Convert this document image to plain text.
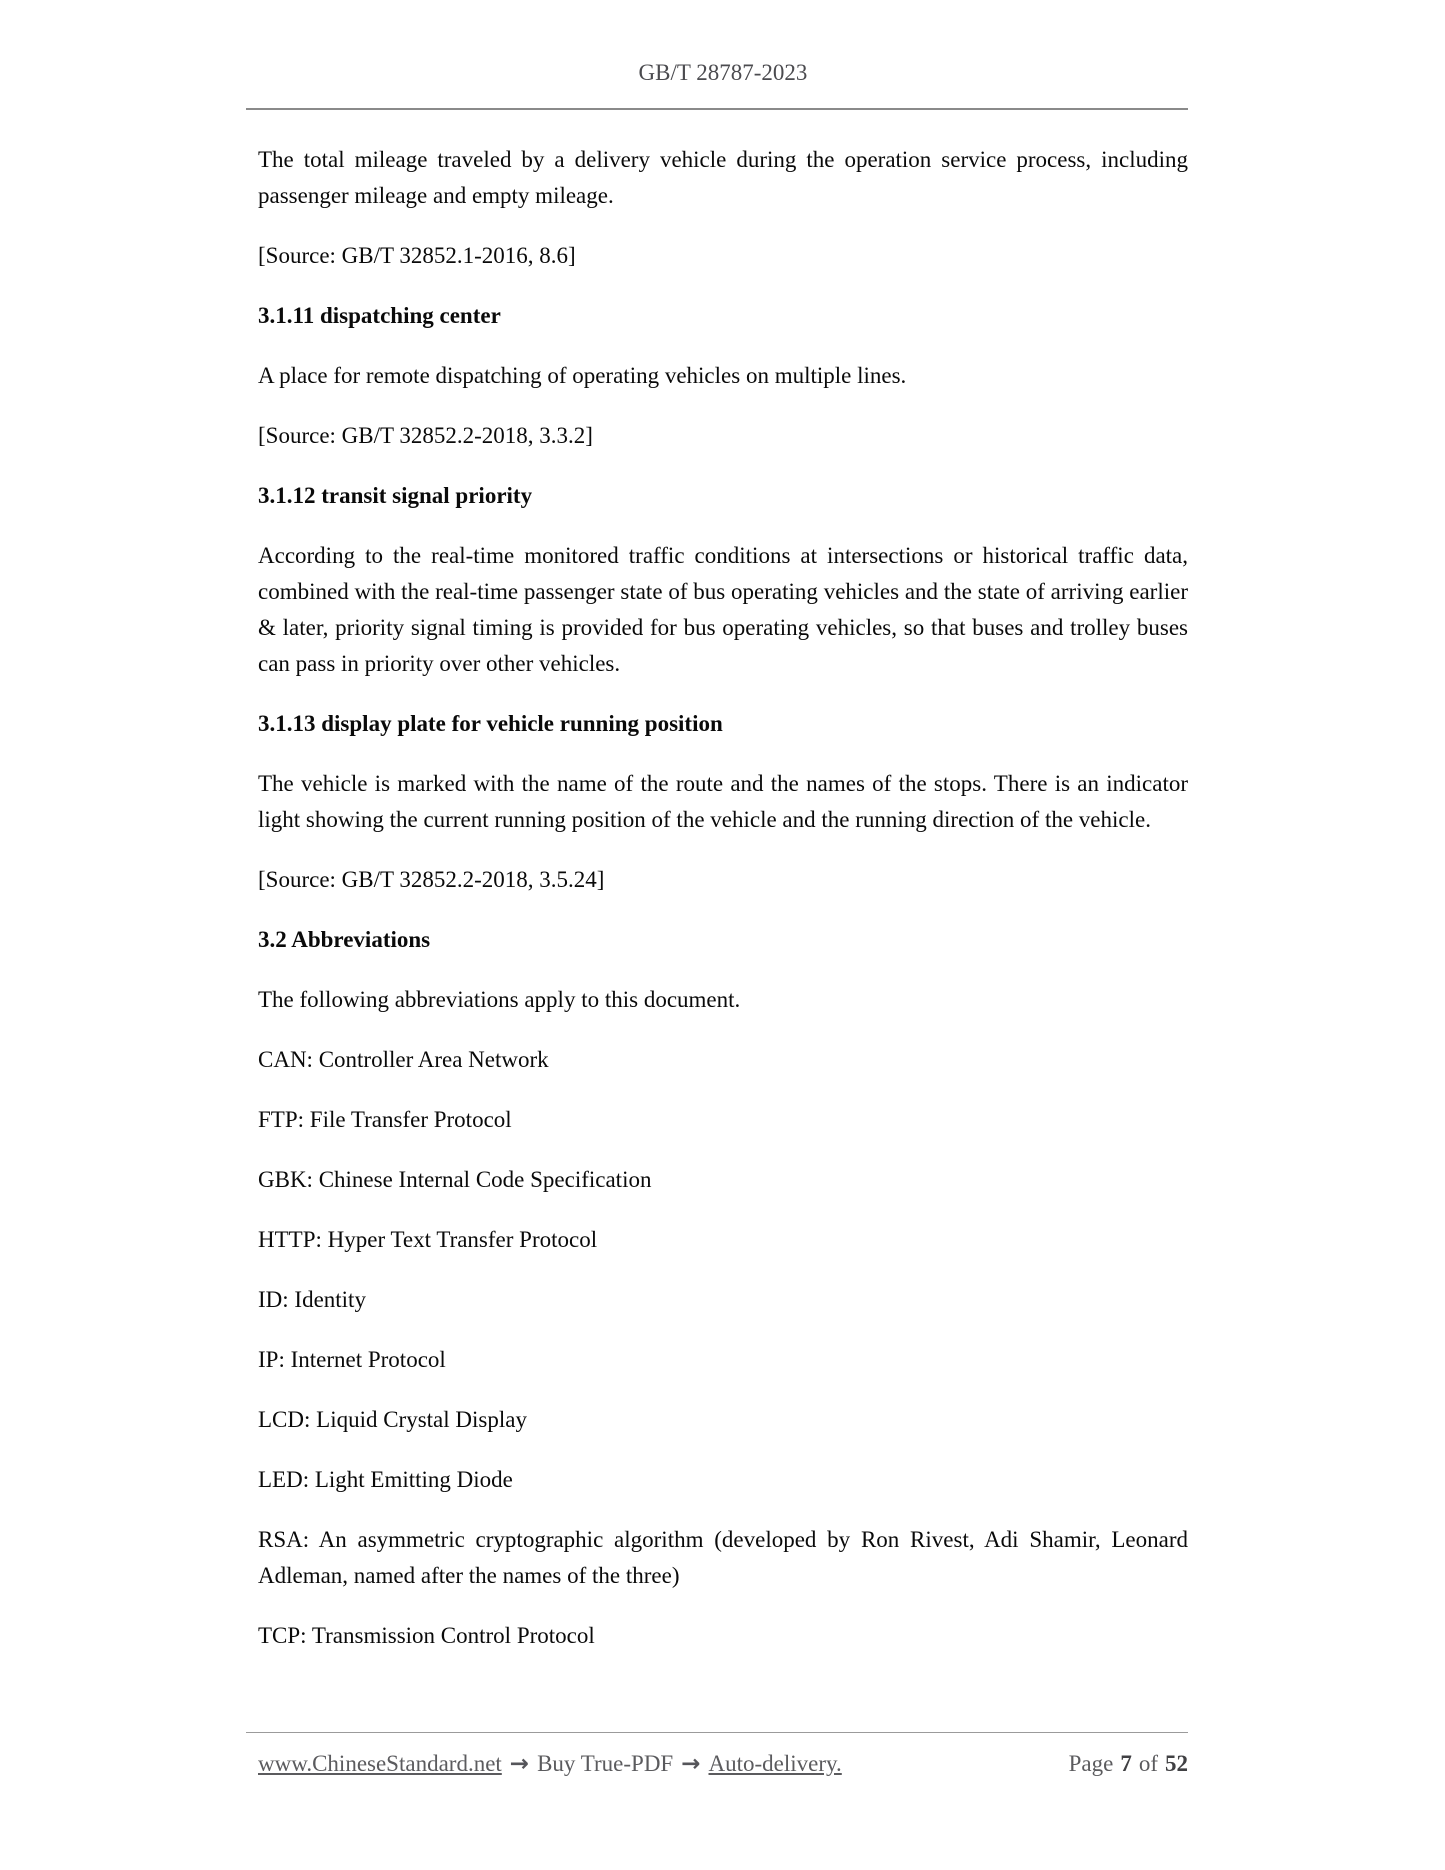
GB/T 28787-2023

The total mileage traveled by a delivery vehicle during the operation service process, including passenger mileage and empty mileage.

[Source: GB/T 32852.1-2016, 8.6]

3.1.11 dispatching center

A place for remote dispatching of operating vehicles on multiple lines.

[Source: GB/T 32852.2-2018, 3.3.2]

3.1.12 transit signal priority

According to the real-time monitored traffic conditions at intersections or historical traffic data, combined with the real-time passenger state of bus operating vehicles and the state of arriving earlier & later, priority signal timing is provided for bus operating vehicles, so that buses and trolley buses can pass in priority over other vehicles.

3.1.13 display plate for vehicle running position

The vehicle is marked with the name of the route and the names of the stops. There is an indicator light showing the current running position of the vehicle and the running direction of the vehicle.

[Source: GB/T 32852.2-2018, 3.5.24]

3.2 Abbreviations

The following abbreviations apply to this document.

CAN: Controller Area Network

FTP: File Transfer Protocol

GBK: Chinese Internal Code Specification

HTTP: Hyper Text Transfer Protocol

ID: Identity

IP: Internet Protocol

LCD: Liquid Crystal Display

LED: Light Emitting Diode

RSA: An asymmetric cryptographic algorithm (developed by Ron Rivest, Adi Shamir, Leonard Adleman, named after the names of the three)

TCP: Transmission Control Protocol

www.ChineseStandard.net → Buy True-PDF → Auto-delivery.	Page 7 of 52
